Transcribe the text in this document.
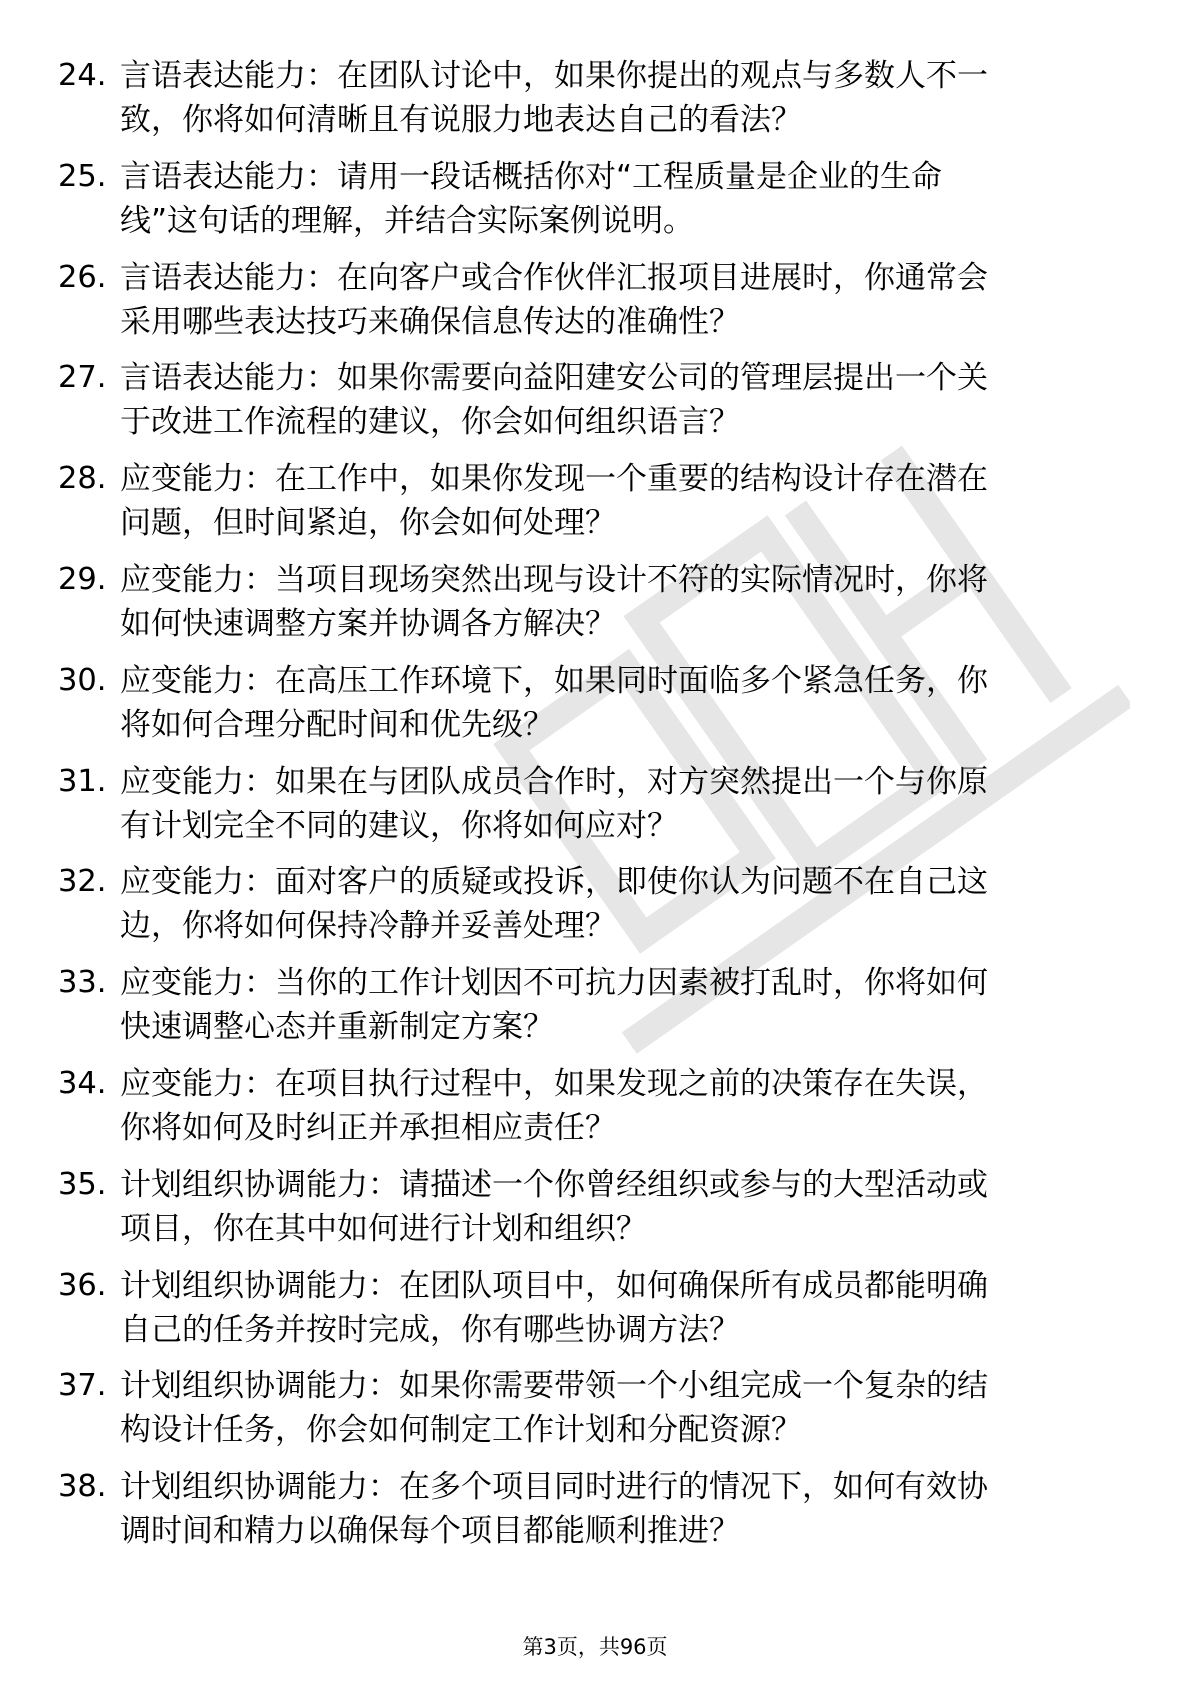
24. 言语表达能力：在团队讨论中，如果你提出的观点与多数人不一
致，你将如何清晰且有说服力地表达自己的看法？
25. 言语表达能力：请用一段话概括你对“工程质量是企业的生命
线”这句话的理解，并结合实际案例说明。
26. 言语表达能力：在向客户或合作伙伴汇报项目进展时，你通常会
采用哪些表达技巧来确保信息传达的准确性？
27. 言语表达能力：如果你需要向益阳建安公司的管理层提出一个关
于改进工作流程的建议，你会如何组织语言？
28. 应变能力：在工作中，如果你发现一个重要的结构设计存在潜在
问题，但时间紧迫，你会如何处理？
29. 应变能力：当项目现场突然出现与设计不符的实际情况时，你将
如何快速调整方案并协调各方解决？
30. 应变能力：在高压工作环境下，如果同时面临多个紧急任务，你
将如何合理分配时间和优先级？
31. 应变能力：如果在与团队成员合作时，对方突然提出一个与你原
有计划完全不同的建议，你将如何应对？
32. 应变能力：面对客户的质疑或投诉，即使你认为问题不在自己这
边，你将如何保持冷静并妥善处理？
33. 应变能力：当你的工作计划因不可抗力因素被打乱时，你将如何
快速调整心态并重新制定方案？
34. 应变能力：在项目执行过程中，如果发现之前的决策存在失误，
你将如何及时纠正并承担相应责任？
35. 计划组织协调能力：请描述一个你曾经组织或参与的大型活动或
项目，你在其中如何进行计划和组织？
36. 计划组织协调能力：在团队项目中，如何确保所有成员都能明确
自己的任务并按时完成，你有哪些协调方法？
37. 计划组织协调能力：如果你需要带领一个小组完成一个复杂的结
构设计任务，你会如何制定工作计划和分配资源？
38. 计划组织协调能力：在多个项目同时进行的情况下，如何有效协
调时间和精力以确保每个项目都能顺利推进？
第3页，共96页
